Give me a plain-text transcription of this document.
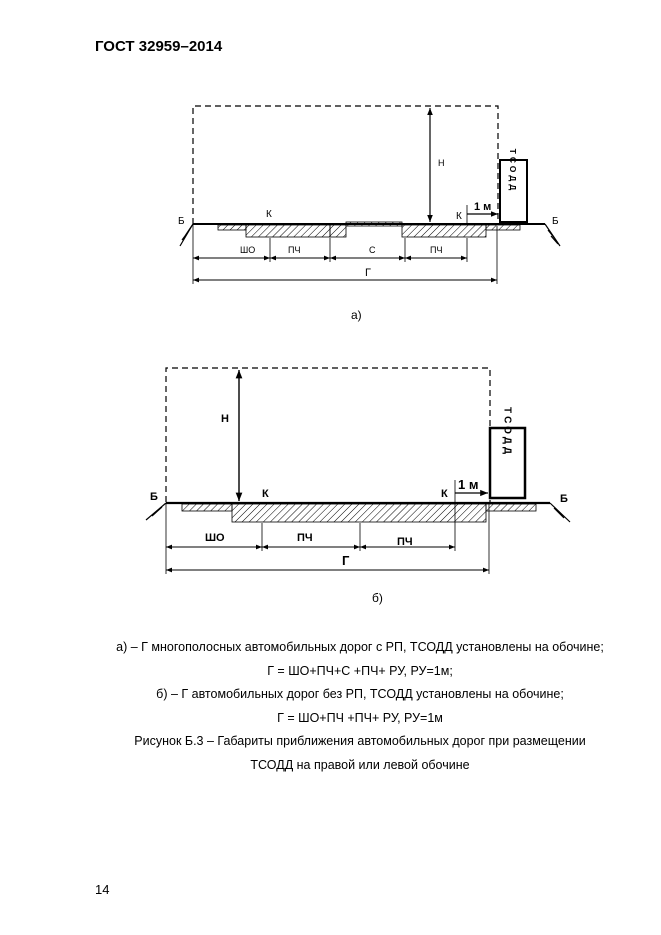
ГОСТ 32959–2014
Н
К	К
1 м
Б	Б
ШО	ПЧ	С	ПЧ
Г
ТСОДД
а)
Н
К	К
1 м
Б	Б
ШО	ПЧ	ПЧ
Г
ТСОДД
б)
а) – Г многополосных автомобильных дорог с РП, ТСОДД установлены на обочине;
Г = ШО+ПЧ+С +ПЧ+ РУ, РУ=1м;
б) – Г автомобильных дорог без РП, ТСОДД установлены на обочине;
Г = ШО+ПЧ +ПЧ+ РУ, РУ=1м
Рисунок Б.3 – Габариты приближения автомобильных дорог при размещении
ТСОДД на правой или левой обочине
14
